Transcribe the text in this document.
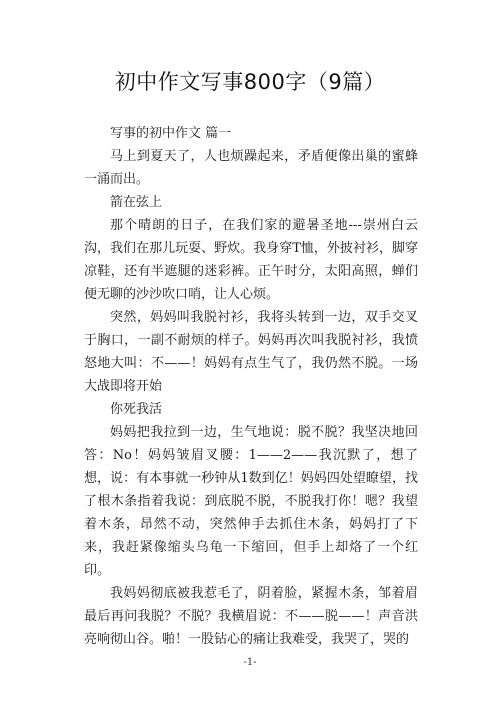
初中作文写事800字（9篇）

写事的初中作文 篇一

马上到夏天了，人也烦躁起来，矛盾便像出巢的蜜蜂一涌而出。

箭在弦上

那个晴朗的日子，在我们家的避暑圣地---崇州白云沟，我们在那儿玩耍、野炊。我身穿T恤，外披衬衫，脚穿凉鞋，还有半遮腿的迷彩裤。正午时分，太阳高照，蝉们便无聊的沙沙吹口哨，让人心烦。

突然，妈妈叫我脱衬衫，我将头转到一边，双手交叉于胸口，一副不耐烦的样子。妈妈再次叫我脱衬衫，我愤怒地大叫：不——！妈妈有点生气了，我仍然不脱。一场大战即将开始

你死我活

妈妈把我拉到一边，生气地说：脱不脱？我坚决地回答：No！妈妈皱眉叉腰：1——2——我沉默了，想了想，说：有本事就一秒钟从1数到亿！妈妈四处望瞭望，找了根木条指着我说：到底脱不脱，不脱我打你！嗯？我望着木条，昂然不动，突然伸手去抓住木条，妈妈打了下来，我赶紧像缩头乌龟一下缩回，但手上却烙了一个红印。

我妈妈彻底被我惹毛了，阴着脸，紧握木条，邹着眉最后再问我脱？不脱？我横眉说：不——脱——！声音洪亮响彻山谷。啪！一股钻心的痛让我难受，我哭了，哭的

-1-
